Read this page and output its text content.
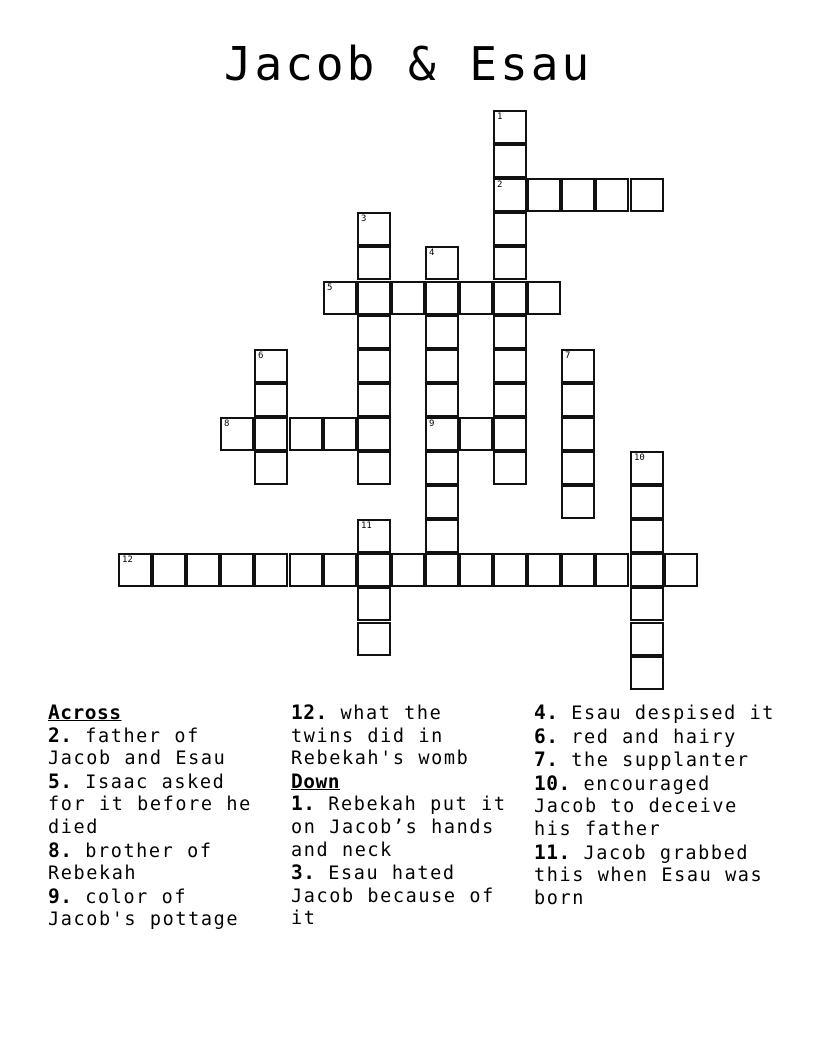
Jacob & Esau
1
2
3
4
9
5
6	7
8
10
11
12
Across
2. father of Jacob and Esau
5. Isaac asked for it before he died
8. brother of Rebekah
9. color of Jacob's pottage
12. what the twins did in Rebekah's womb
Down
1. Rebekah put it on Jacob’s hands and neck
3. Esau hated Jacob because of it
4. Esau despised it
6. red and hairy
7. the supplanter
10. encouraged Jacob to deceive his father
11. Jacob grabbed this when Esau was born
